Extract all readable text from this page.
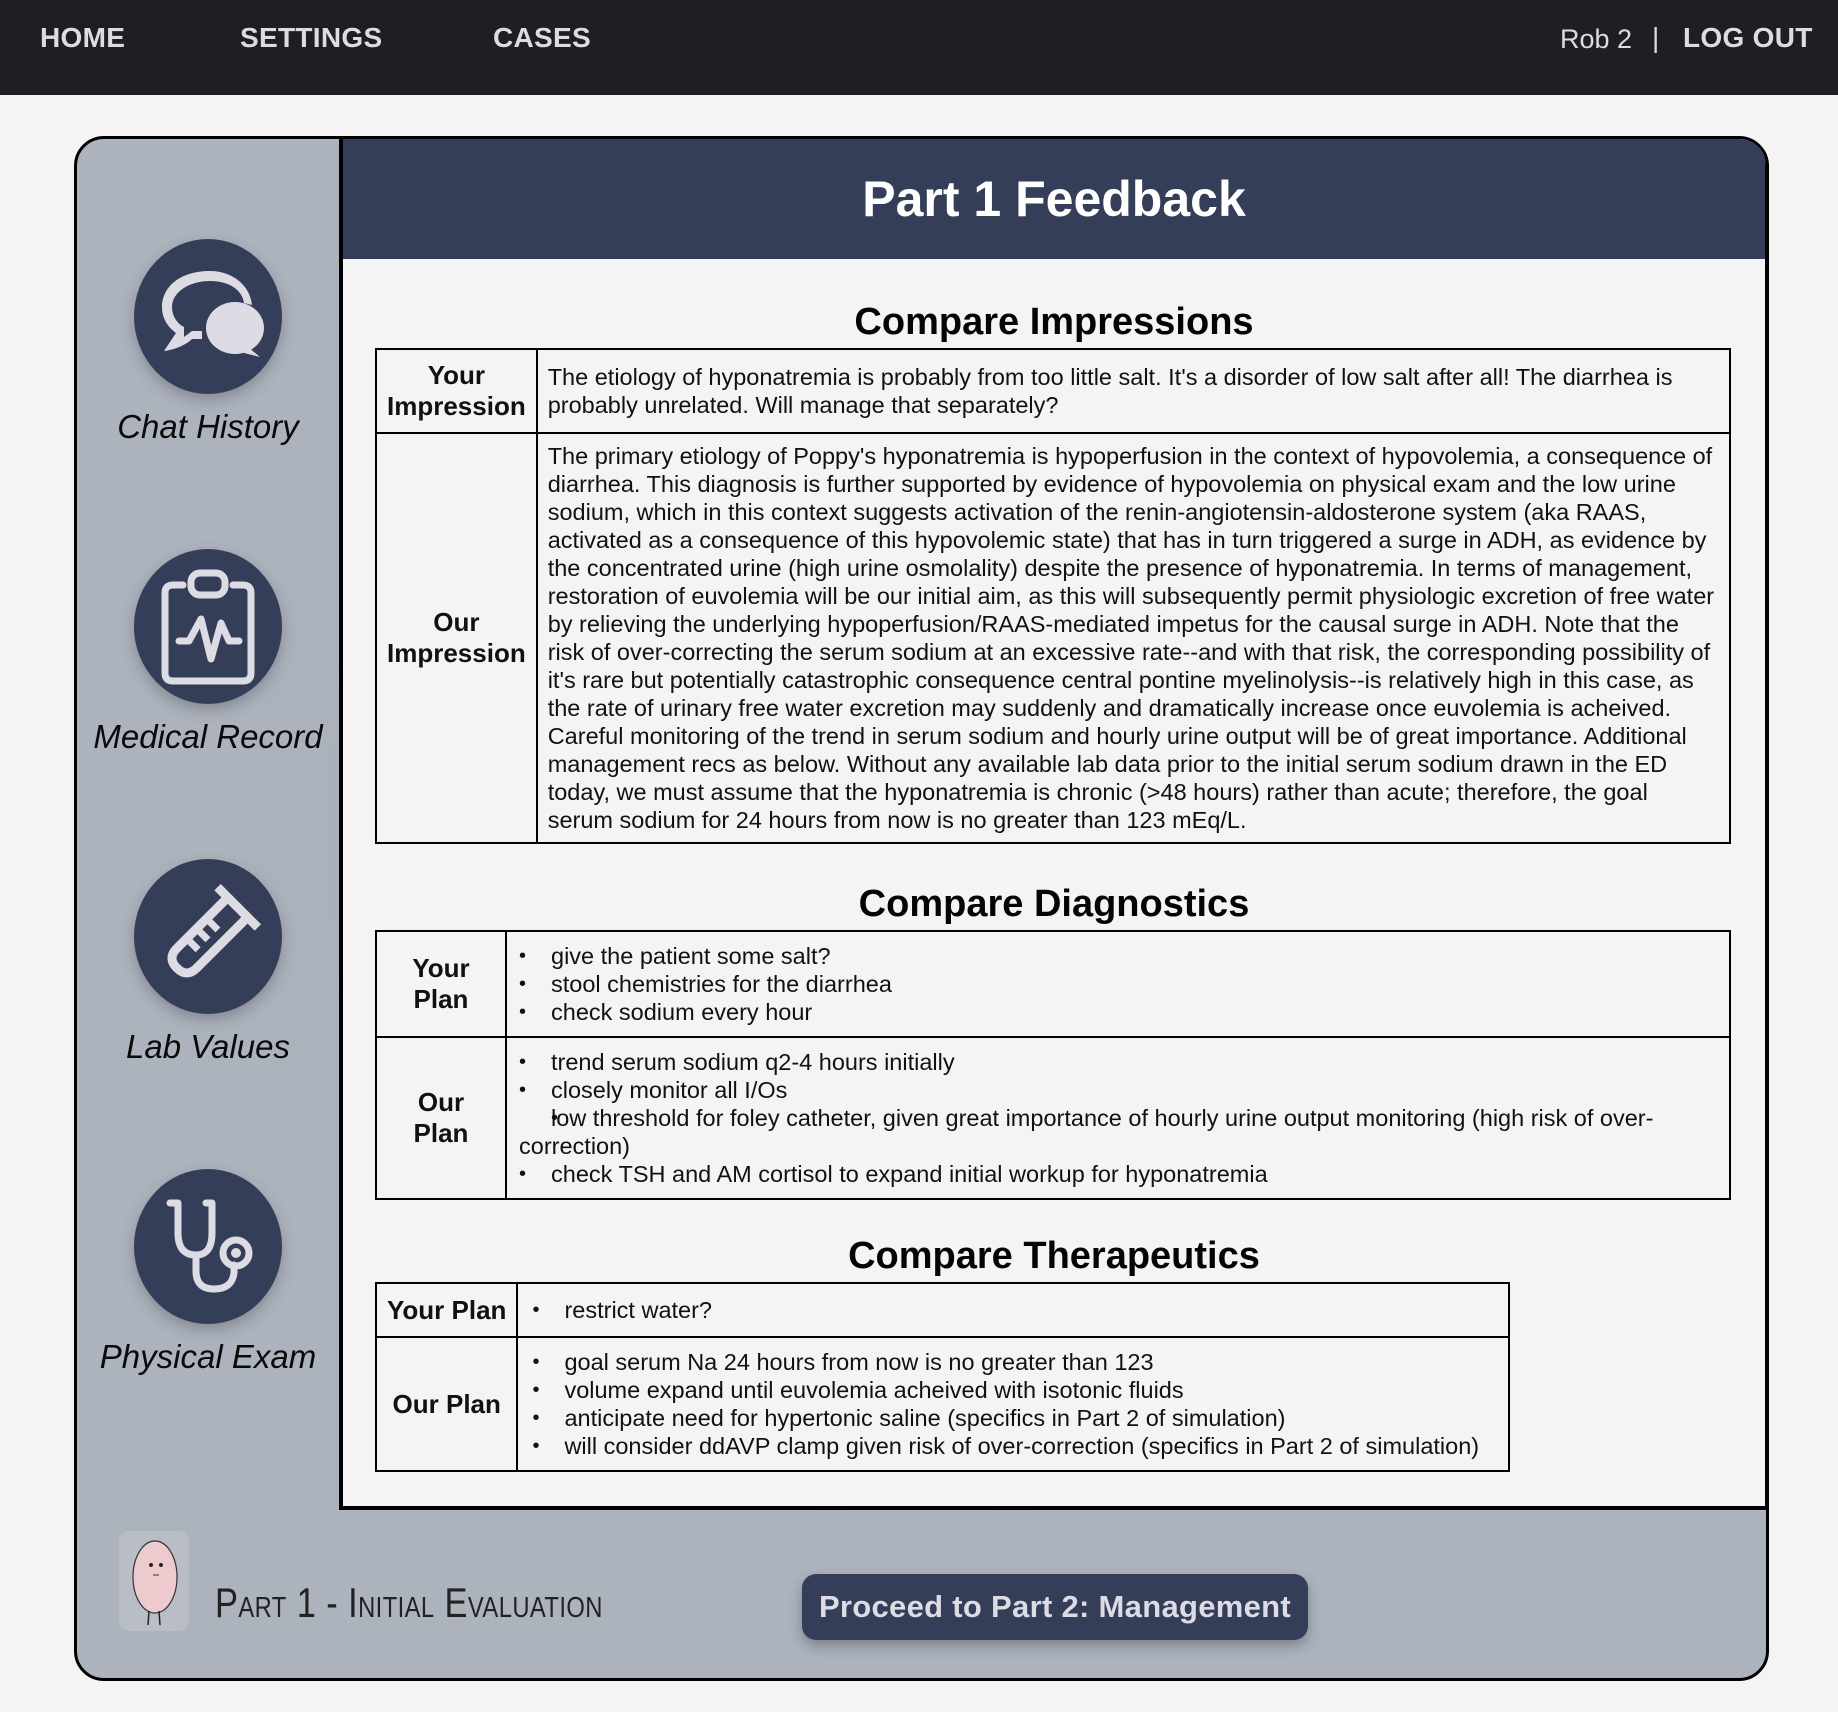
HOME	SETTINGS	CASES	Rob 2 | LOG OUT
Chat History
Medical Record
Lab Values
Physical Exam
Part 1 Feedback
Compare Impressions
Your Impression	The etiology of hyponatremia is probably from too little salt. It's a disorder of low salt after all! The diarrhea is probably unrelated. Will manage that separately?
Our Impression	The primary etiology of Poppy's hyponatremia is hypoperfusion in the context of hypovolemia, a consequence of diarrhea. This diagnosis is further supported by evidence of hypovolemia on physical exam and the low urine sodium, which in this context suggests activation of the renin-angiotensin-aldosterone system (aka RAAS, activated as a consequence of this hypovolemic state) that has in turn triggered a surge in ADH, as evidence by the concentrated urine (high urine osmolality) despite the presence of hyponatremia. In terms of management, restoration of euvolemia will be our initial aim, as this will subsequently permit physiologic excretion of free water by relieving the underlying hypoperfusion/RAAS-mediated impetus for the causal surge in ADH. Note that the risk of over-correcting the serum sodium at an excessive rate--and with that risk, the corresponding possibility of it's rare but potentially catastrophic consequence central pontine myelinolysis--is relatively high in this case, as the rate of urinary free water excretion may suddenly and dramatically increase once euvolemia is acheived. Careful monitoring of the trend in serum sodium and hourly urine output will be of great importance. Additional management recs as below. Without any available lab data prior to the initial serum sodium drawn in the ED today, we must assume that the hyponatremia is chronic (>48 hours) rather than acute; therefore, the goal serum sodium for 24 hours from now is no greater than 123 mEq/L.
Compare Diagnostics
Your Plan	
• give the patient some salt?
• stool chemistries for the diarrhea
• check sodium every hour

Our Plan	
• trend serum sodium q2-4 hours initially
• closely monitor all I/Os
• low threshold for foley catheter, given great importance of hourly urine output monitoring (high risk of over-correction)
• check TSH and AM cortisol to expand initial workup for hyponatremia
Compare Therapeutics
Your Plan	
•restrict water?

Our Plan	
• goal serum Na 24 hours from now is no greater than 123
• volume expand until euvolemia acheived with isotonic fluids
• anticipate need for hypertonic saline (specifics in Part 2 of simulation)
• will consider ddAVP clamp given risk of over-correction (specifics in Part 2 of simulation)
Part 1 - Initial Evaluation	Proceed to Part 2: Management
